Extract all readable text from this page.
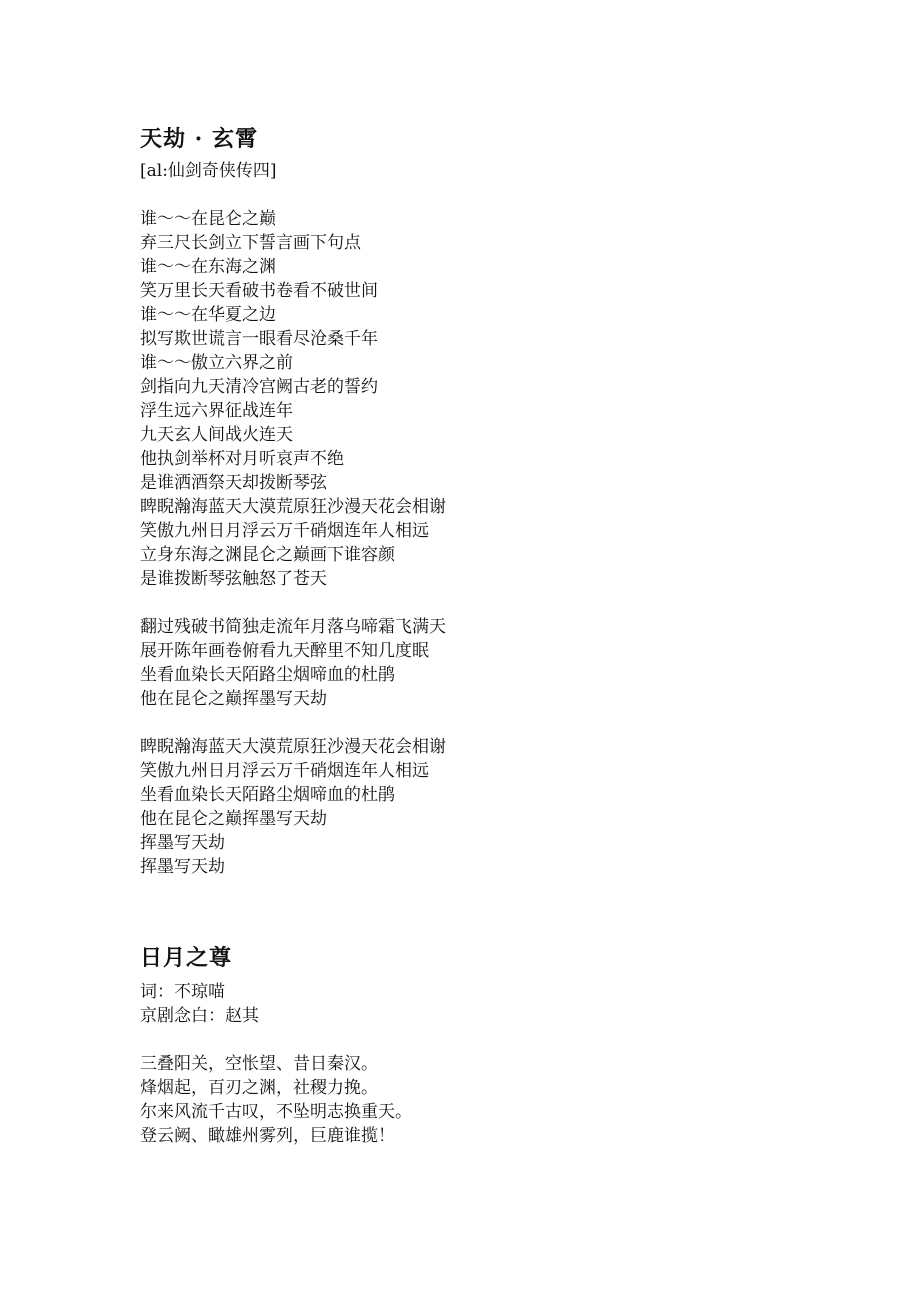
天劫 · 玄霄

[al:仙剑奇侠传四]

谁～～在昆仑之巅

弃三尺长剑立下誓言画下句点

谁～～在东海之渊

笑万里长天看破书卷看不破世间

谁～～在华夏之边

拟写欺世谎言一眼看尽沧桑千年

谁～～傲立六界之前

剑指向九天清冷宫阙古老的誓约

浮生远六界征战连年

九天玄人间战火连天

他执剑举杯对月听哀声不绝

是谁洒酒祭天却拨断琴弦

睥睨瀚海蓝天大漠荒原狂沙漫天花会相谢

笑傲九州日月浮云万千硝烟连年人相远

立身东海之渊昆仑之巅画下谁容颜

是谁拨断琴弦触怒了苍天

翻过残破书简独走流年月落乌啼霜飞满天

展开陈年画卷俯看九天醉里不知几度眠

坐看血染长天陌路尘烟啼血的杜鹃

他在昆仑之巅挥墨写天劫

睥睨瀚海蓝天大漠荒原狂沙漫天花会相谢

笑傲九州日月浮云万千硝烟连年人相远

坐看血染长天陌路尘烟啼血的杜鹃

他在昆仑之巅挥墨写天劫

挥墨写天劫

挥墨写天劫

日月之尊

词：不琼喵

京剧念白：赵其

三叠阳关，空怅望、昔日秦汉。

烽烟起，百刃之渊，社稷力挽。

尔来风流千古叹，不坠明志换重天。

登云阙、瞰雄州雾列，巨鹿谁揽！
